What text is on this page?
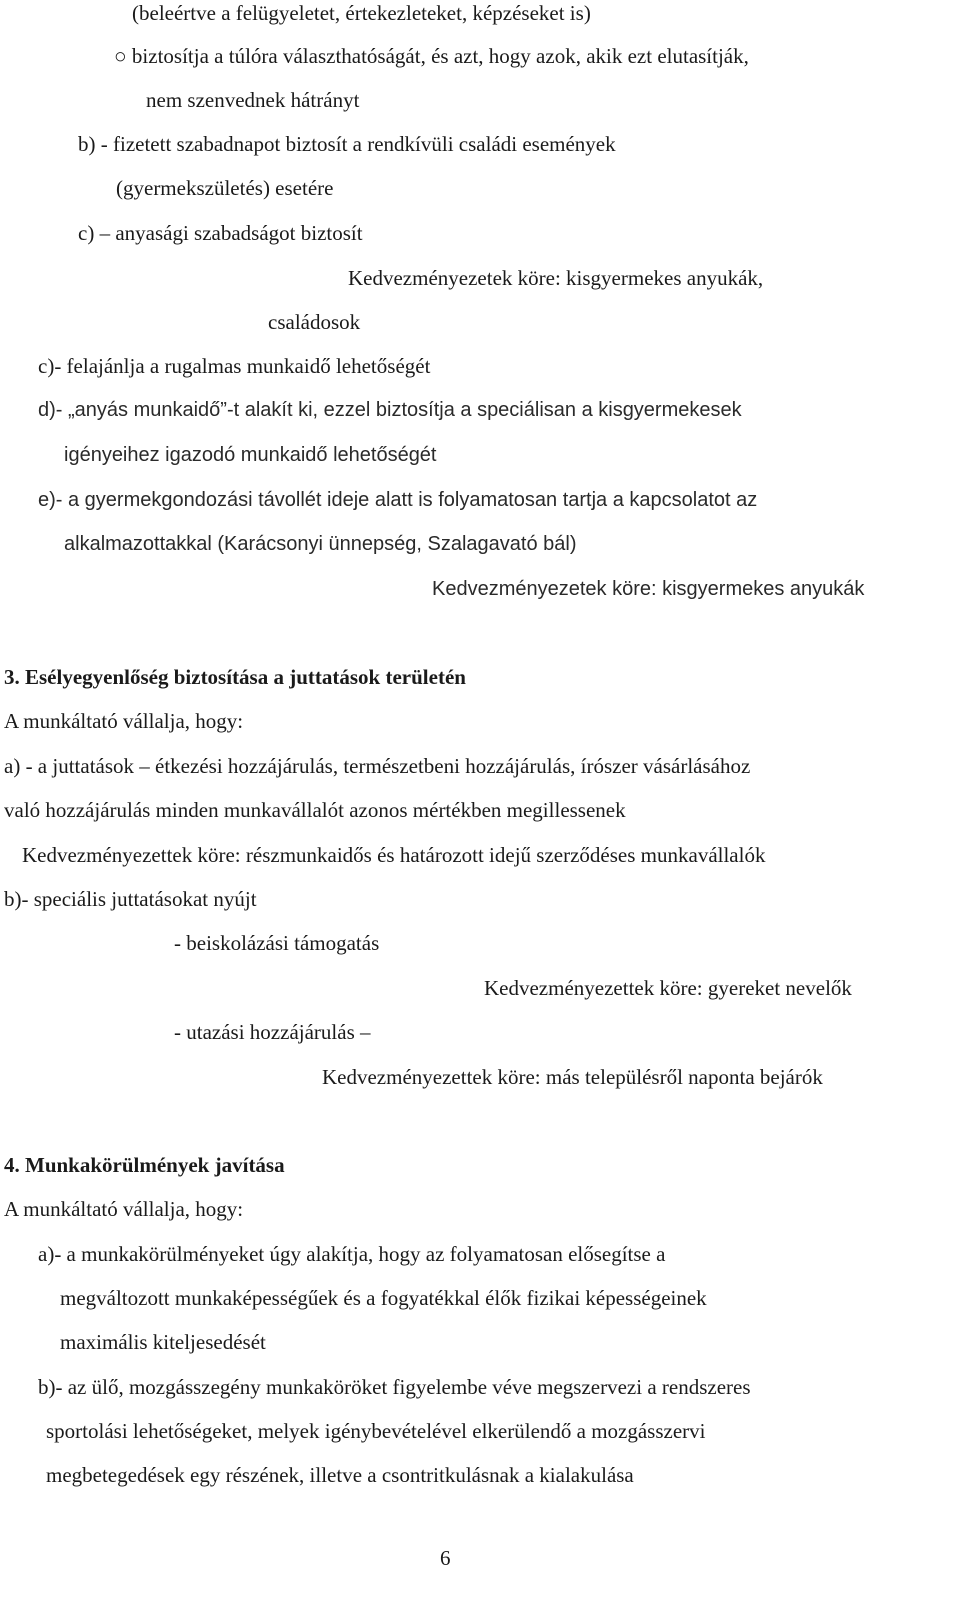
(beleértve a felügyeletet, értekezleteket, képzéseket is)
○ biztosítja a túlóra választhatóságát, és azt, hogy azok, akik ezt elutasítják,
nem szenvednek hátrányt
b) - fizetett szabadnapot biztosít a rendkívüli családi események
(gyermekszületés) esetére
c) – anyasági szabadságot biztosít
Kedvezményezetek köre: kisgyermekes anyukák,
családosok
c)- felajánlja a rugalmas munkaidő lehetőségét
d)- „anyás munkaidő”-t alakít ki, ezzel biztosítja a speciálisan a kisgyermekesek
igényeihez igazodó munkaidő lehetőségét
e)- a gyermekgondozási távollét ideje alatt is folyamatosan tartja a kapcsolatot az
alkalmazottakkal (Karácsonyi ünnepség, Szalagavató bál)
Kedvezményezetek köre: kisgyermekes anyukák
3. Esélyegyenlőség biztosítása a juttatások területén
A munkáltató vállalja, hogy:
a) - a juttatások – étkezési hozzájárulás, természetbeni hozzájárulás, írószer vásárlásához
való hozzájárulás minden munkavállalót azonos mértékben megillessenek
Kedvezményezettek köre: részmunkaidős és határozott idejű szerződéses munkavállalók
b)- speciális juttatásokat nyújt
- beiskolázási támogatás
Kedvezményezettek köre: gyereket nevelők
- utazási hozzájárulás –
Kedvezményezettek köre: más településről naponta bejárók
4. Munkakörülmények javítása
A munkáltató vállalja, hogy:
a)- a munkakörülményeket úgy alakítja, hogy az folyamatosan elősegítse a
megváltozott munkaképességűek és a fogyatékkal élők fizikai képességeinek
maximális kiteljesedését
b)- az ülő, mozgásszegény munkaköröket figyelembe véve megszervezi a rendszeres
sportolási lehetőségeket, melyek igénybevételével elkerülendő a mozgásszervi
megbetegedések egy részének, illetve a csontritkulásnak a kialakulása
6
